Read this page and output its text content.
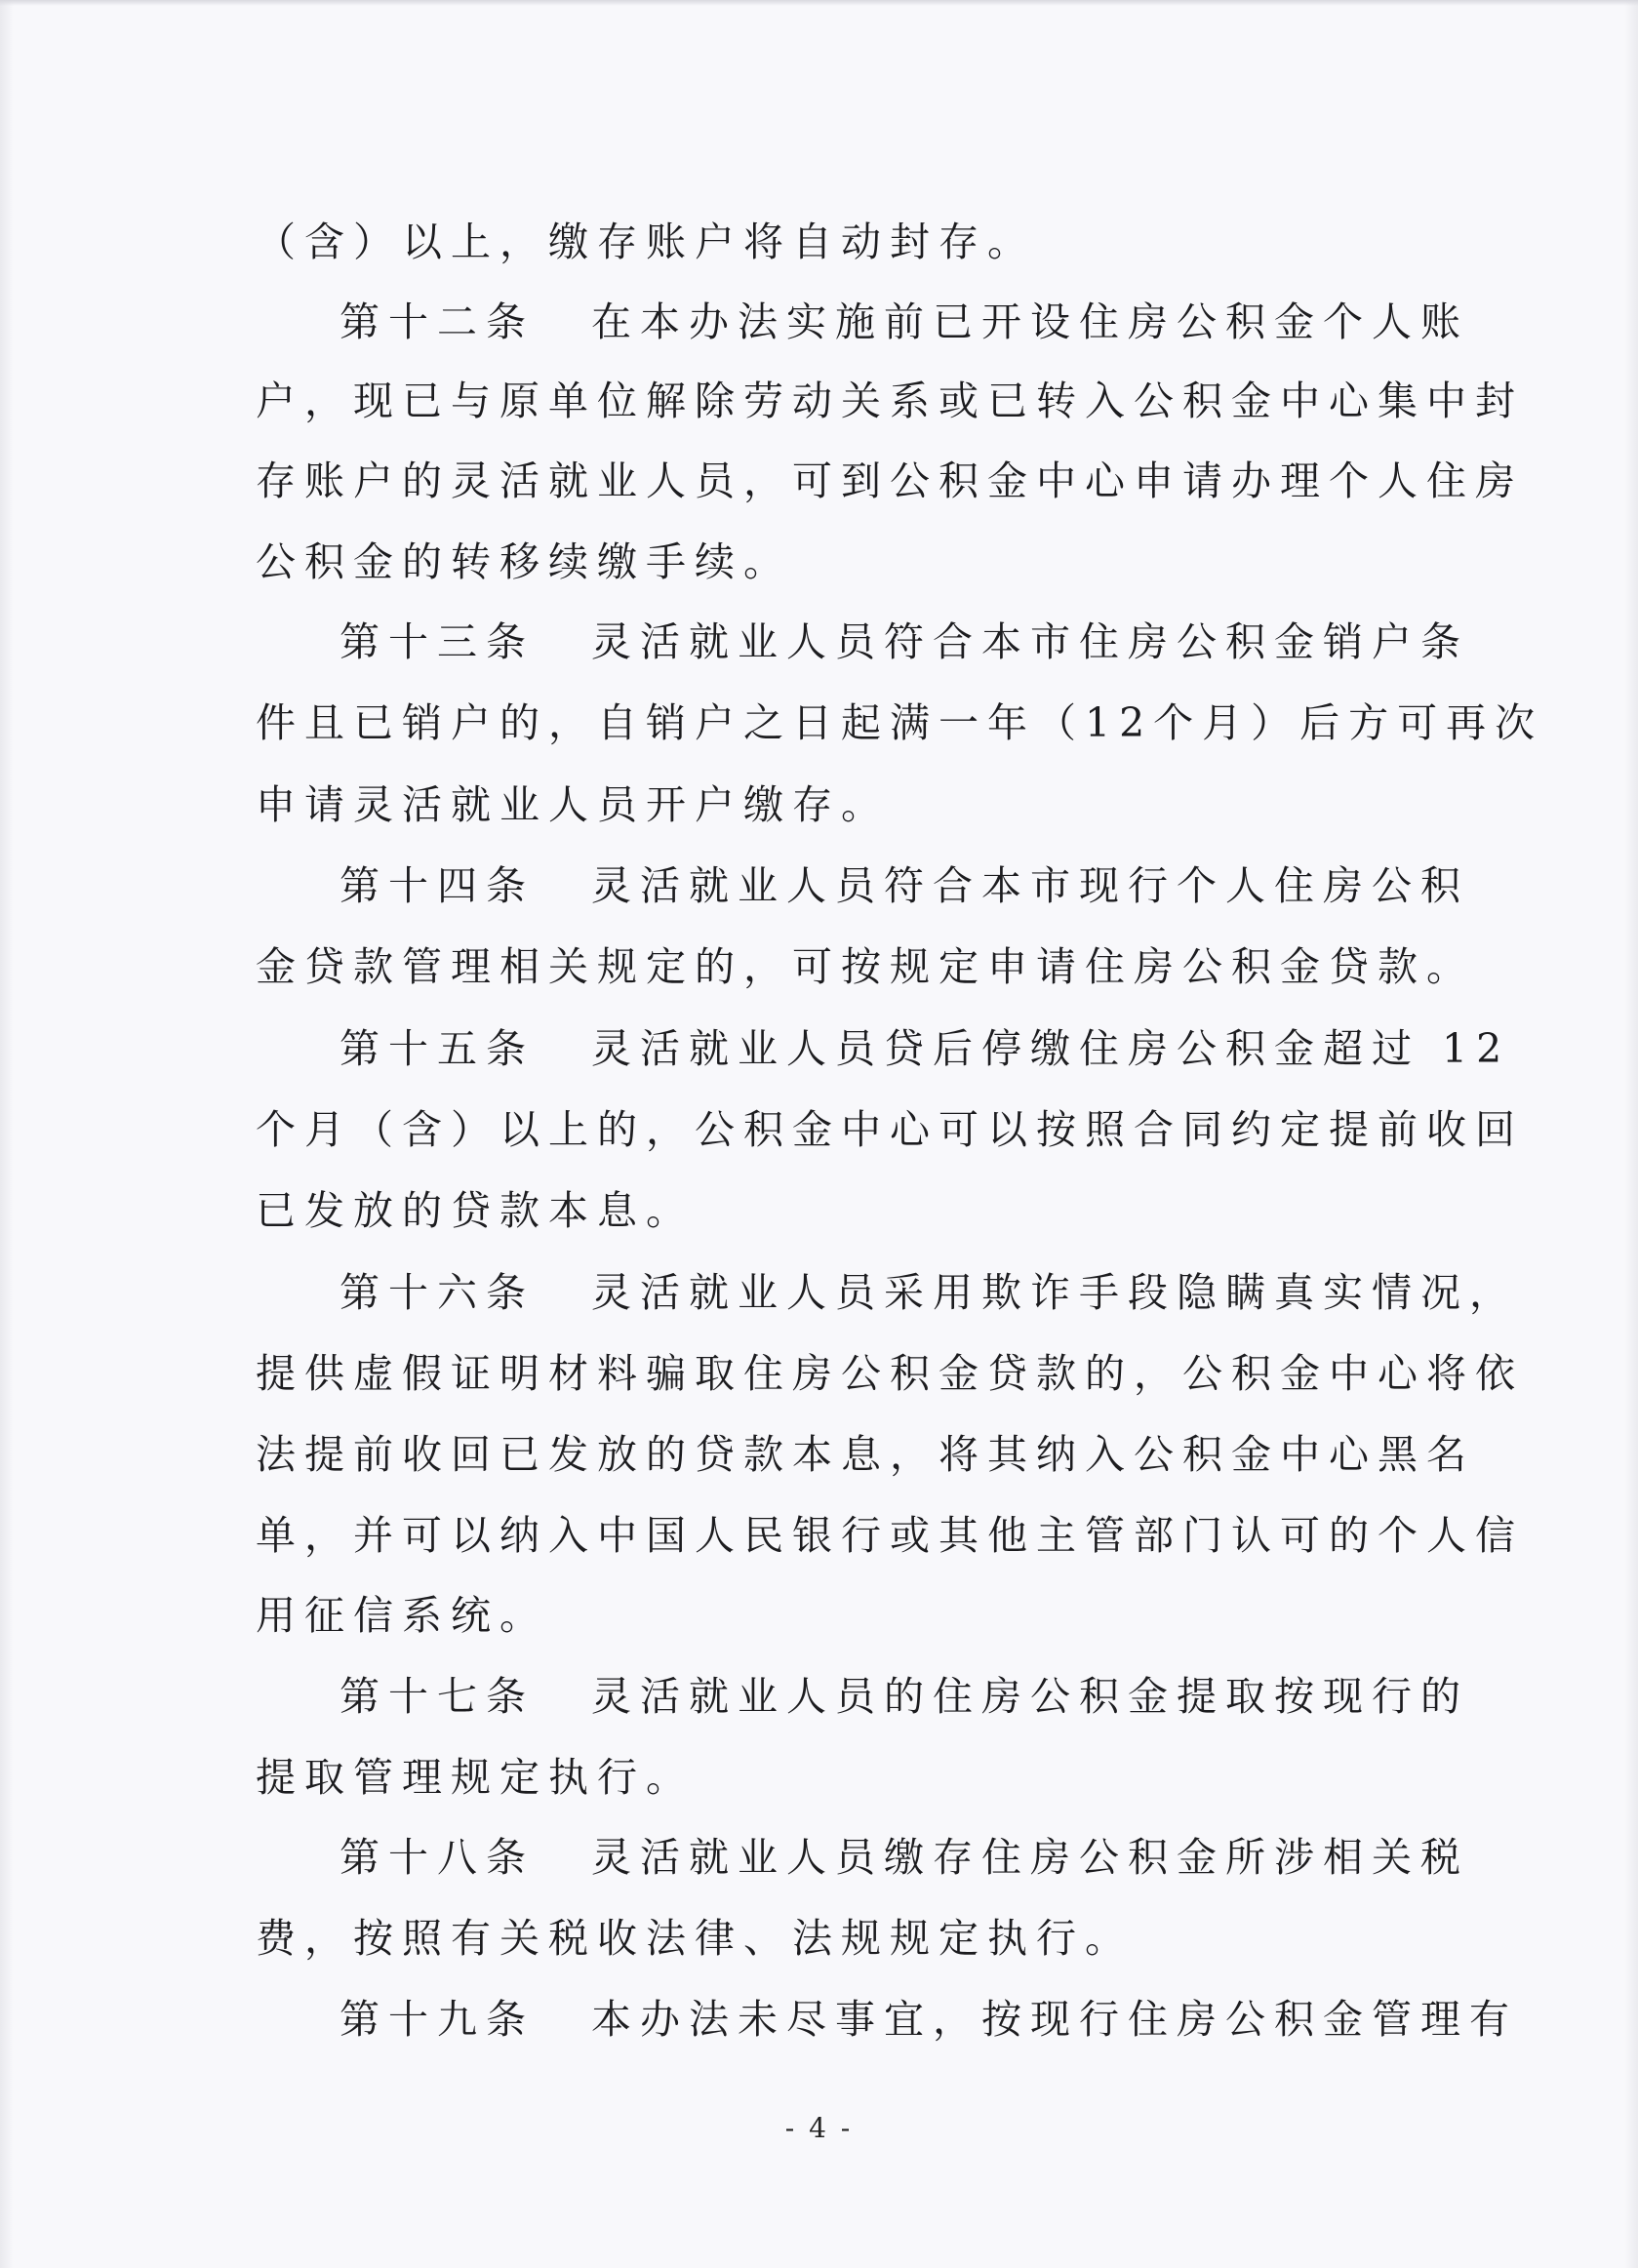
（含）以上，缴存账户将自动封存。
第十二条 在本办法实施前已开设住房公积金个人账
户，现已与原单位解除劳动关系或已转入公积金中心集中封
存账户的灵活就业人员，可到公积金中心申请办理个人住房
公积金的转移续缴手续。
第十三条 灵活就业人员符合本市住房公积金销户条
件且已销户的，自销户之日起满一年（12个月）后方可再次
申请灵活就业人员开户缴存。
第十四条 灵活就业人员符合本市现行个人住房公积
金贷款管理相关规定的，可按规定申请住房公积金贷款。
第十五条 灵活就业人员贷后停缴住房公积金超过 12
个月（含）以上的，公积金中心可以按照合同约定提前收回
已发放的贷款本息。
第十六条 灵活就业人员采用欺诈手段隐瞒真实情况，
提供虚假证明材料骗取住房公积金贷款的，公积金中心将依
法提前收回已发放的贷款本息，将其纳入公积金中心黑名
单，并可以纳入中国人民银行或其他主管部门认可的个人信
用征信系统。
第十七条 灵活就业人员的住房公积金提取按现行的
提取管理规定执行。
第十八条 灵活就业人员缴存住房公积金所涉相关税
费，按照有关税收法律、法规规定执行。
第十九条 本办法未尽事宜，按现行住房公积金管理有
- 4 -
